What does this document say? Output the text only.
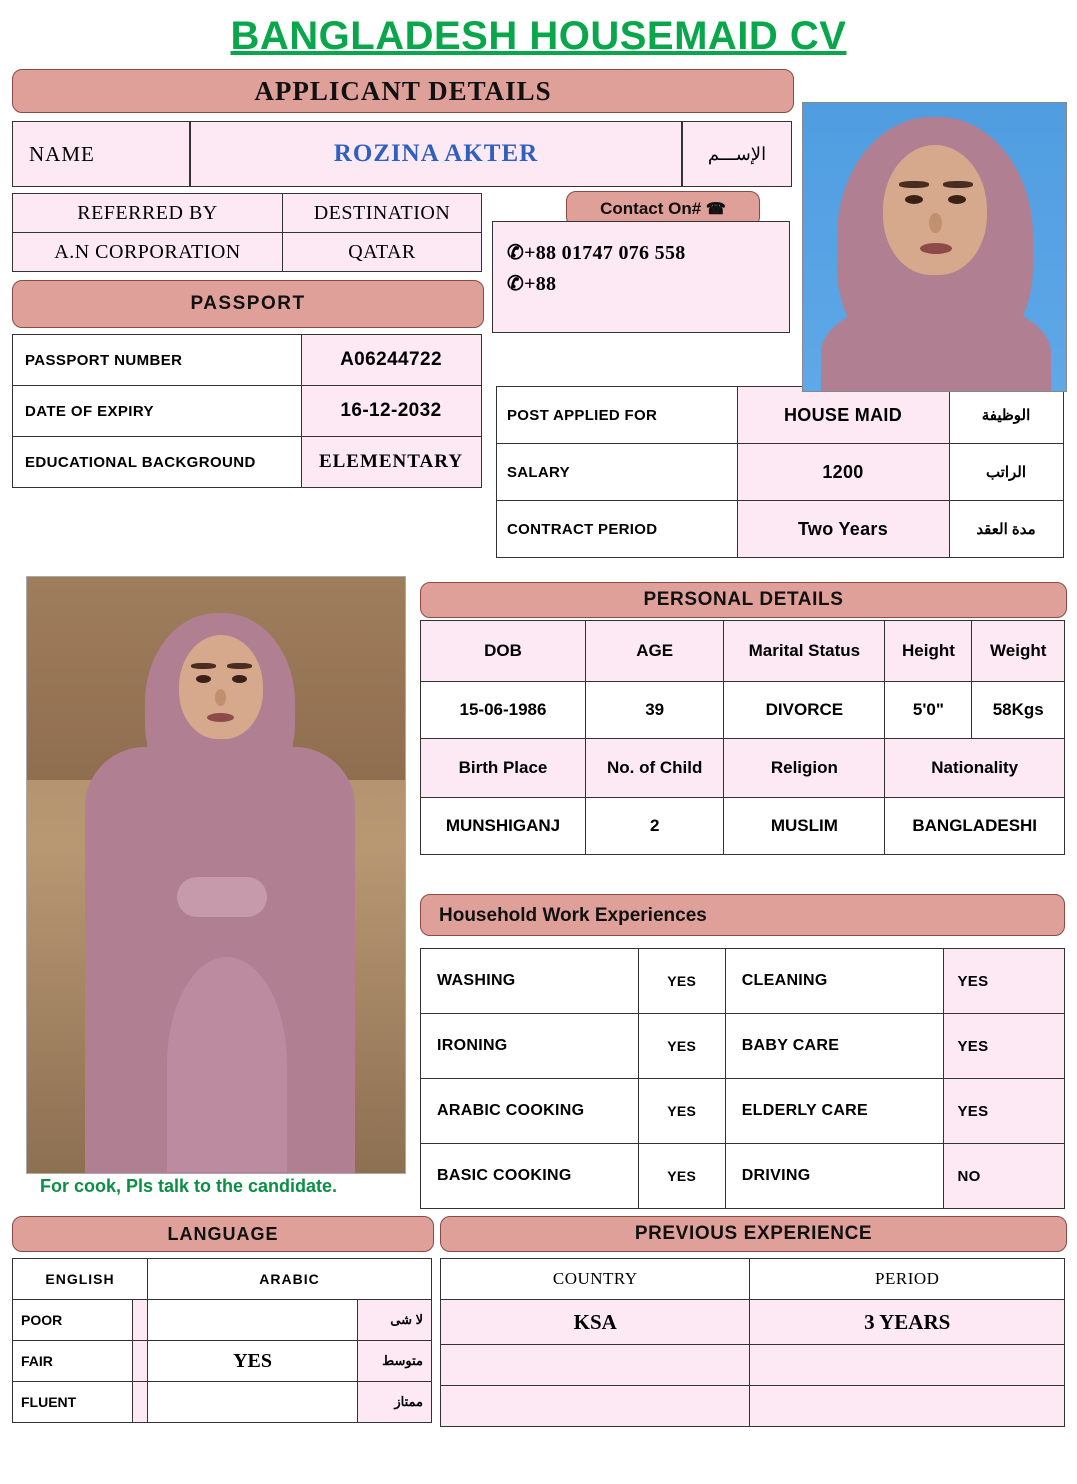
BANGLADESH HOUSEMAID CV
APPLICANT DETAILS
NAME	ROZINA AKTER	الإســـم
REFERRED BY	DESTINATION
A.N CORPORATION	QATAR
Contact On# ☎
✆+88 01747 076 558
✆+88
PASSPORT
PASSPORT NUMBER	A06244722
DATE OF EXPIRY	16-12-2032
EDUCATIONAL BACKGROUND	ELEMENTARY
POST APPLIED FOR	HOUSE MAID	الوظيفة
SALARY	1200	الراتب
CONTRACT PERIOD	Two Years	مدة العقد
For cook, Pls talk to the candidate.
PERSONAL DETAILS
DOB	AGE	Marital Status	Height	Weight
15-06-1986	39	DIVORCE	5'0"	58Kgs
Birth Place	No. of Child	Religion	Nationality	
MUNSHIGANJ	2	MUSLIM	BANGLADESHI	
Household Work Experiences
WASHING	YES	CLEANING	YES
IRONING	YES	BABY CARE	YES
ARABIC COOKING	YES	ELDERLY CARE	YES
BASIC COOKING	YES	DRIVING	NO
LANGUAGE
ENGLISH		ARABIC	
POOR			لا شى
FAIR		YES	متوسط
FLUENT			ممتاز
PREVIOUS EXPERIENCE
COUNTRY	PERIOD
KSA	3 YEARS
